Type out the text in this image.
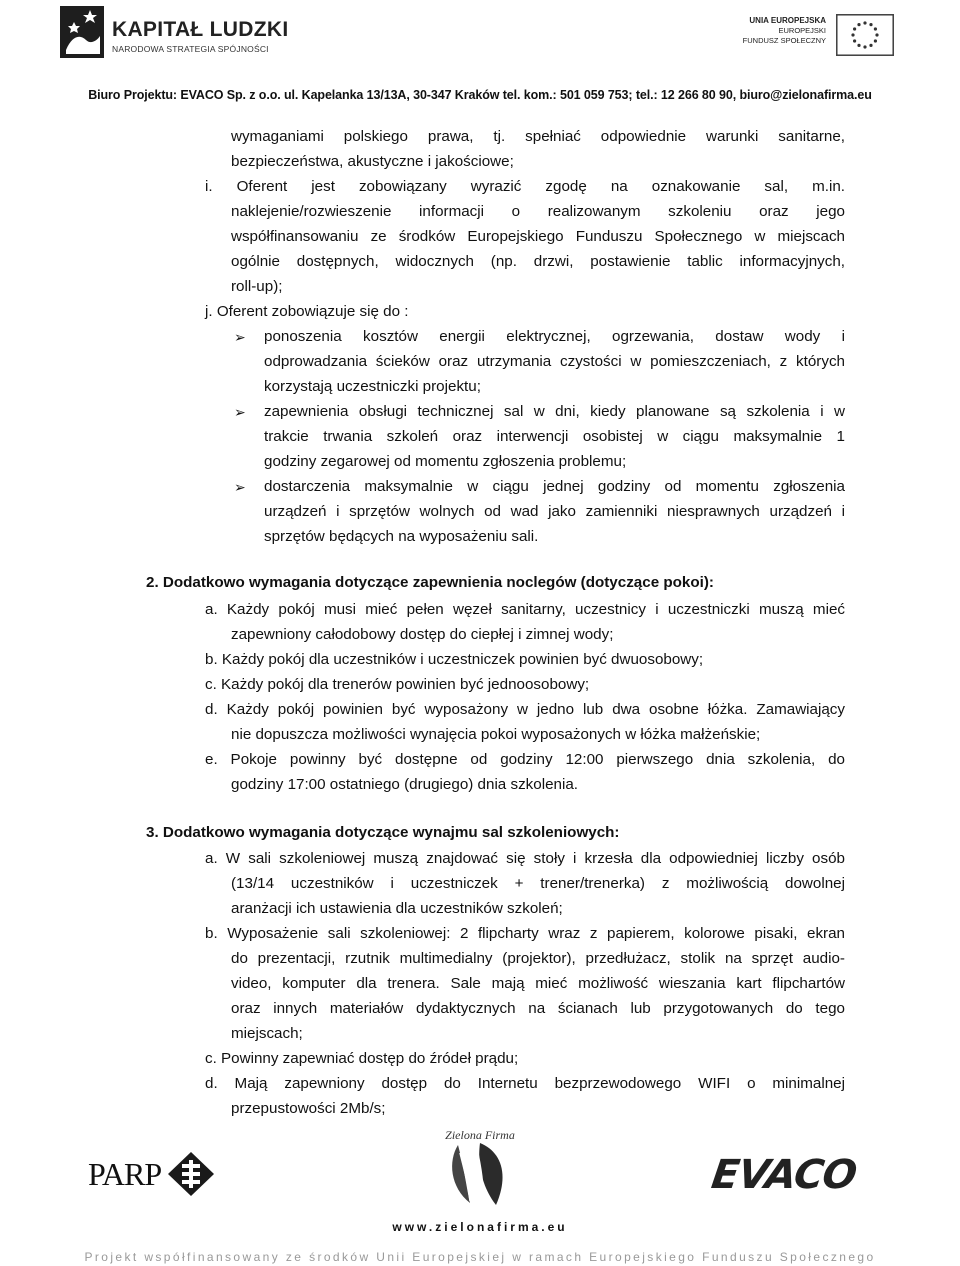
KAPITAŁ LUDZKI
NARODOWA STRATEGIA SPÓJNOŚCI
UNIA EUROPEJSKA
EUROPEJSKI
FUNDUSZ SPOŁECZNY
Biuro Projektu: EVACO Sp. z o.o. ul. Kapelanka 13/13A, 30-347 Kraków tel. kom.: 501 059 753; tel.: 12 266 80 90, biuro@zielonafirma.eu
wymaganiami polskiego prawa, tj. spełniać odpowiednie warunki sanitarne,
bezpieczeństwa, akustyczne i jakościowe;
i. Oferent jest zobowiązany wyrazić zgodę na oznakowanie sal, m.in.
naklejenie/rozwieszenie informacji o realizowanym szkoleniu oraz jego
współfinansowaniu ze środków Europejskiego Funduszu Społecznego w miejscach
ogólnie dostępnych, widocznych (np. drzwi, postawienie tablic informacyjnych,
roll-up);
j. Oferent zobowiązuje się do :
➢ ponoszenia kosztów energii elektrycznej, ogrzewania, dostaw wody i
odprowadzania ścieków oraz utrzymania czystości w pomieszczeniach, z których
korzystają uczestniczki projektu;
➢ zapewnienia obsługi technicznej sal w dni, kiedy planowane są szkolenia i w
trakcie trwania szkoleń oraz interwencji osobistej w ciągu maksymalnie 1
godziny zegarowej od momentu zgłoszenia problemu;
➢ dostarczenia maksymalnie w ciągu jednej godziny od momentu zgłoszenia
urządzeń i sprzętów wolnych od wad jako zamienniki niesprawnych urządzeń i
sprzętów będących na wyposażeniu sali.
2. Dodatkowo wymagania dotyczące zapewnienia noclegów (dotyczące pokoi):
a. Każdy pokój musi mieć pełen węzeł sanitarny, uczestnicy i uczestniczki muszą mieć
zapewniony całodobowy dostęp do ciepłej i zimnej wody;
b. Każdy pokój dla uczestników i uczestniczek powinien być dwuosobowy;
c. Każdy pokój dla trenerów powinien być jednoosobowy;
d. Każdy pokój powinien być wyposażony w jedno lub dwa osobne łóżka. Zamawiający
nie dopuszcza możliwości wynajęcia pokoi wyposażonych w łóżka małżeńskie;
e. Pokoje powinny być dostępne od godziny 12:00 pierwszego dnia szkolenia, do
godziny 17:00 ostatniego (drugiego) dnia szkolenia.
3. Dodatkowo wymagania dotyczące wynajmu sal szkoleniowych:
a. W sali szkoleniowej muszą znajdować się stoły i krzesła dla odpowiedniej liczby osób
(13/14 uczestników i uczestniczek + trener/trenerka) z możliwością dowolnej
aranżacji ich ustawienia dla uczestników szkoleń;
b. Wyposażenie sali szkoleniowej: 2 flipcharty wraz z papierem, kolorowe pisaki, ekran
do prezentacji, rzutnik multimedialny (projektor), przedłużacz, stolik na sprzęt audio-
video, komputer dla trenera. Sale mają mieć możliwość wieszania kart flipchartów
oraz innych materiałów dydaktycznych na ścianach lub przygotowanych do tego
miejscach;
c. Powinny zapewniać dostęp do źródeł prądu;
d. Mają zapewniony dostęp do Internetu bezprzewodowego WIFI o minimalnej
przepustowości 2Mb/s;
PARP
Zielona Firma
www.zielonafirma.eu
EVACO
Projekt współfinansowany ze środków Unii Europejskiej w ramach Europejskiego Funduszu Społecznego
